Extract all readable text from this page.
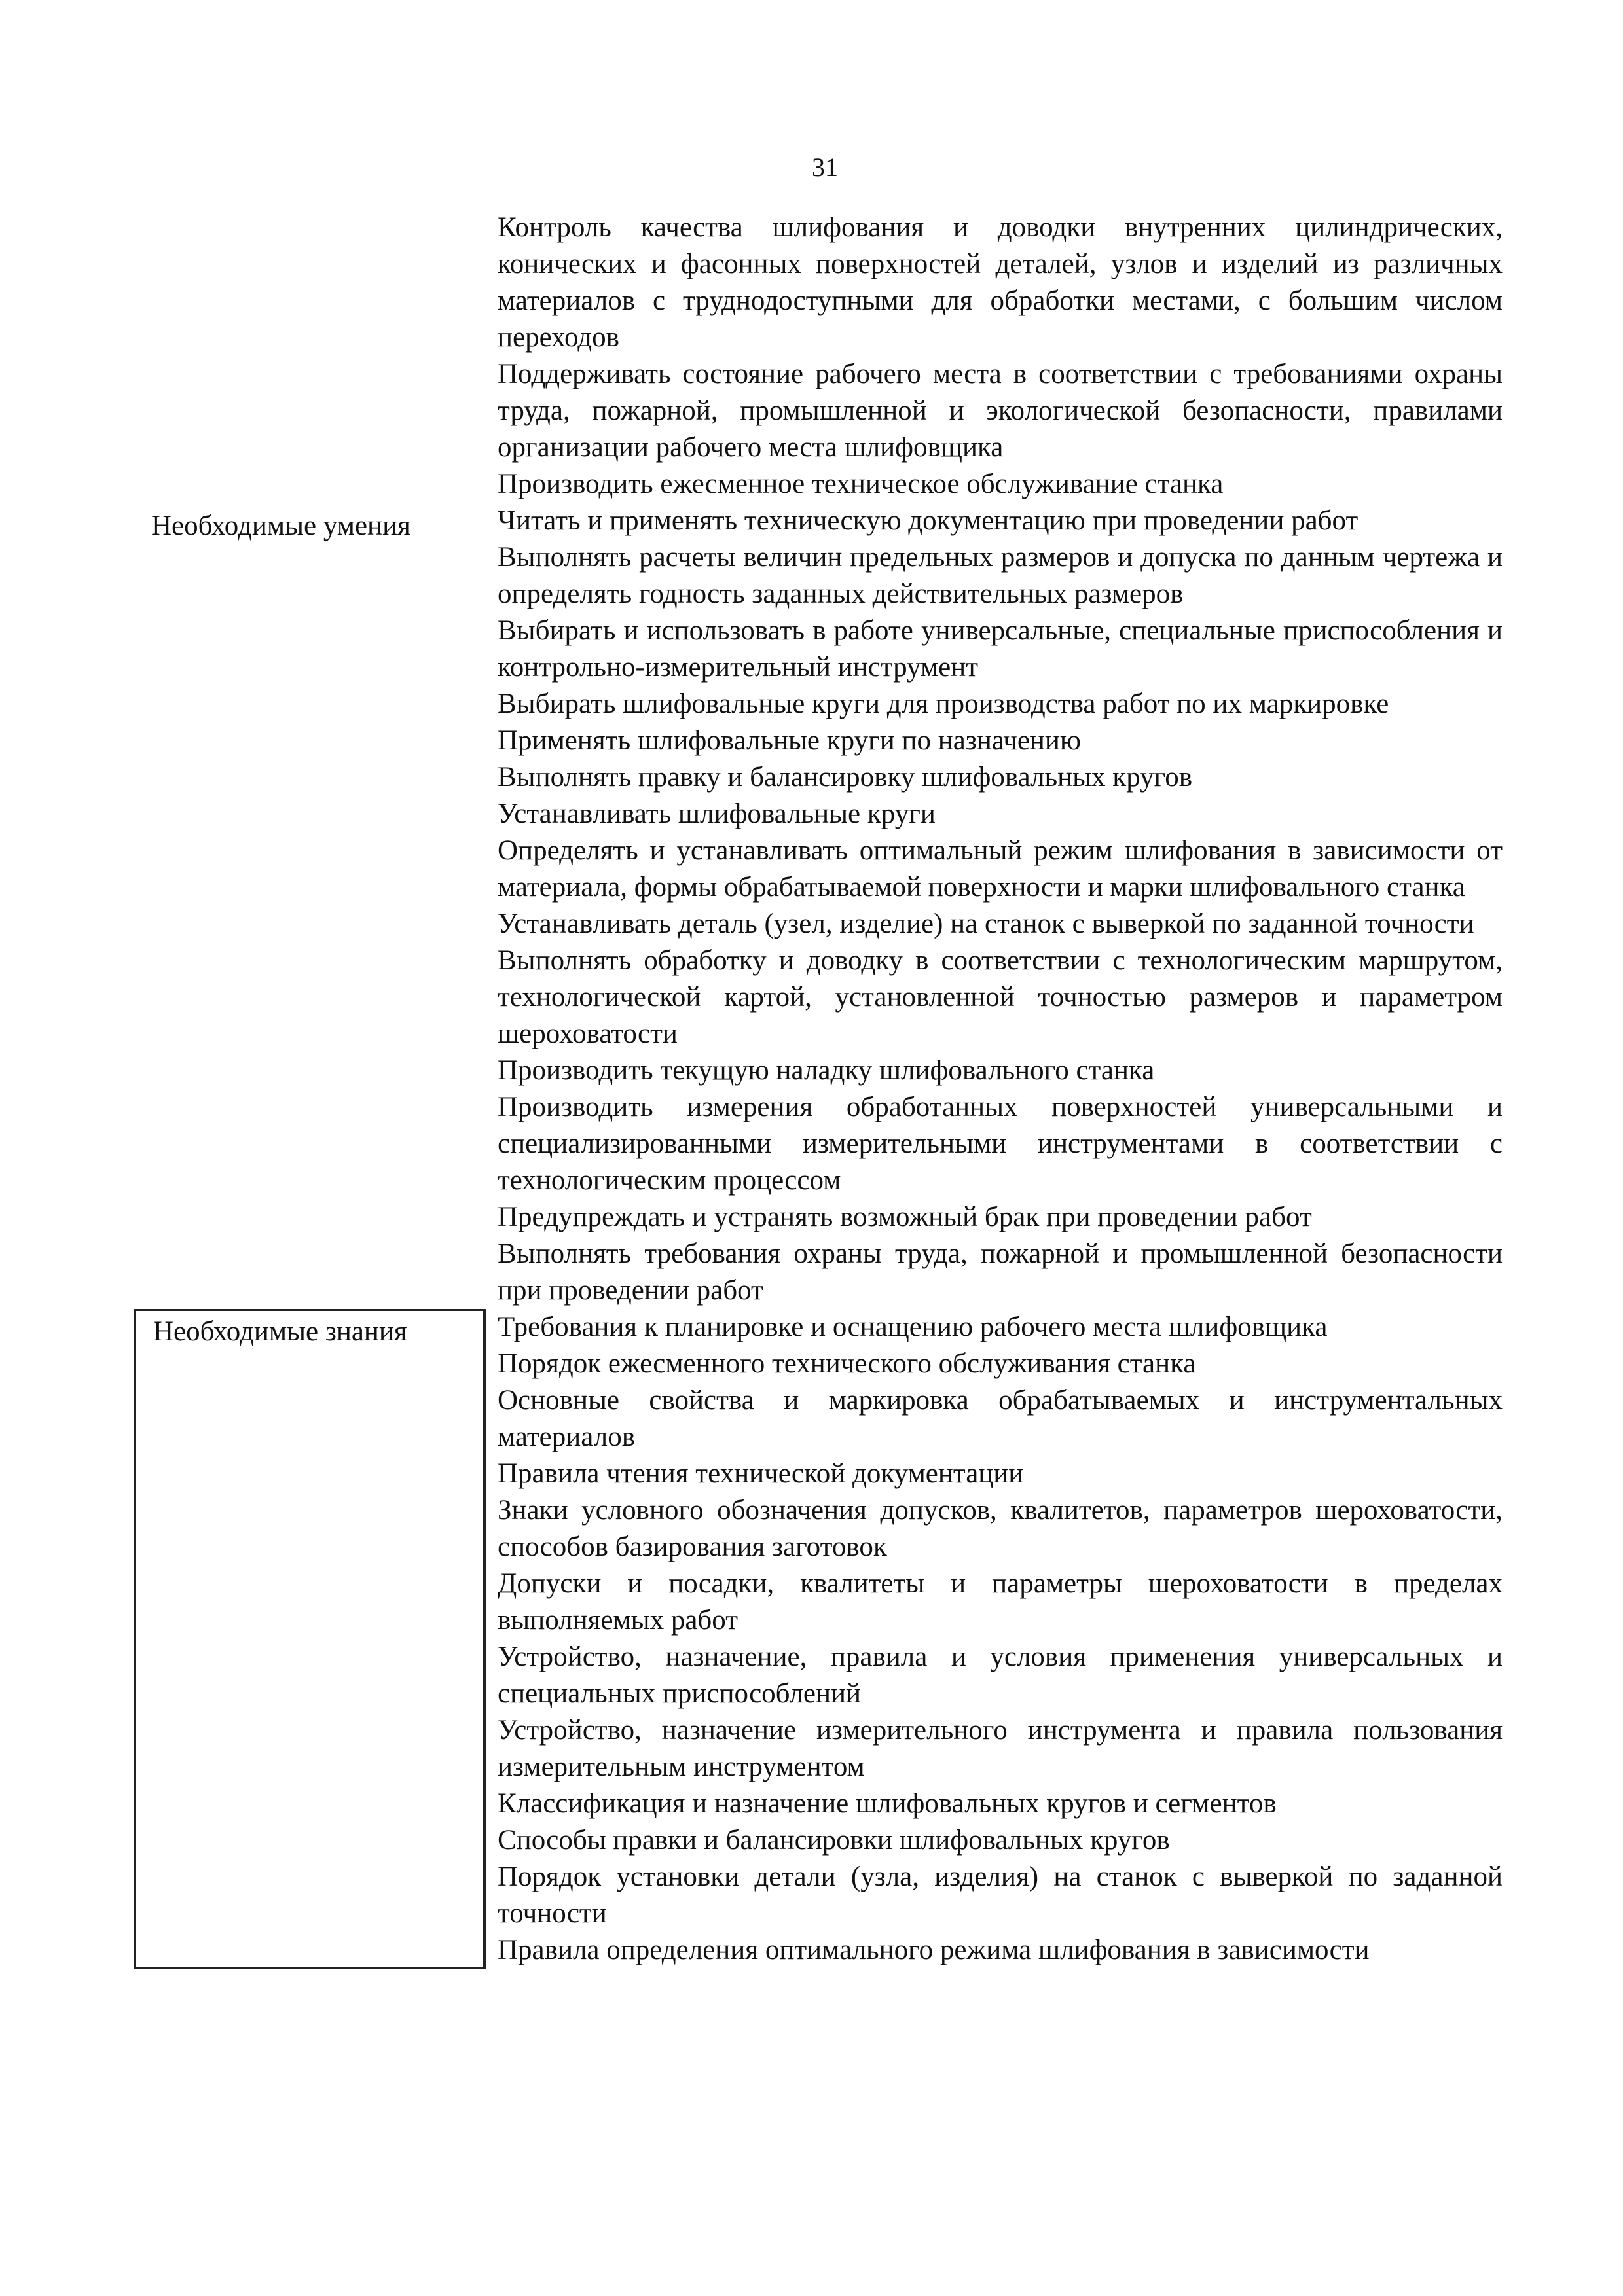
31
Контроль качества шлифования и доводки внутренних цилиндрических, конических и фасонных поверхностей деталей, узлов и изделий из различных материалов с труднодоступными для обработки местами, с большим числом переходов
Необходимые умения
Поддерживать состояние рабочего места в соответствии с требованиями охраны труда, пожарной, промышленной и экологической безопасности, правилами организации рабочего места шлифовщика
Производить ежесменное техническое обслуживание станка
Читать и применять техническую документацию при проведении работ
Выполнять расчеты величин предельных размеров и допуска по данным чертежа и определять годность заданных действительных размеров
Выбирать и использовать в работе универсальные, специальные приспособления и контрольно-измерительный инструмент
Выбирать шлифовальные круги для производства работ по их маркировке
Применять шлифовальные круги по назначению
Выполнять правку и балансировку шлифовальных кругов
Устанавливать шлифовальные круги
Определять и устанавливать оптимальный режим шлифования в зависимости от материала, формы обрабатываемой поверхности и марки шлифовального станка
Устанавливать деталь (узел, изделие) на станок с выверкой по заданной точности
Выполнять обработку и доводку в соответствии с технологическим маршрутом, технологической картой, установленной точностью размеров и параметром шероховатости
Производить текущую наладку шлифовального станка
Производить измерения обработанных поверхностей универсальными и специализированными измерительными инструментами в соответствии с технологическим процессом
Предупреждать и устранять возможный брак при проведении работ
Выполнять требования охраны труда, пожарной и промышленной безопасности при проведении работ
Необходимые знания	Требования к планировке и оснащению рабочего места шлифовщика
Порядок ежесменного технического обслуживания станка
Основные свойства и маркировка обрабатываемых и инструментальных материалов
Правила чтения технической документации
Знаки условного обозначения допусков, квалитетов, параметров шероховатости, способов базирования заготовок
Допуски и посадки, квалитеты и параметры шероховатости в пределах выполняемых работ
Устройство, назначение, правила и условия применения универсальных и специальных приспособлений
Устройство, назначение измерительного инструмента и правила пользования измерительным инструментом
Классификация и назначение шлифовальных кругов и сегментов
Способы правки и балансировки шлифовальных кругов
Порядок установки детали (узла, изделия) на станок с выверкой по заданной точности
Правила определения оптимального режима шлифования в зависимости
